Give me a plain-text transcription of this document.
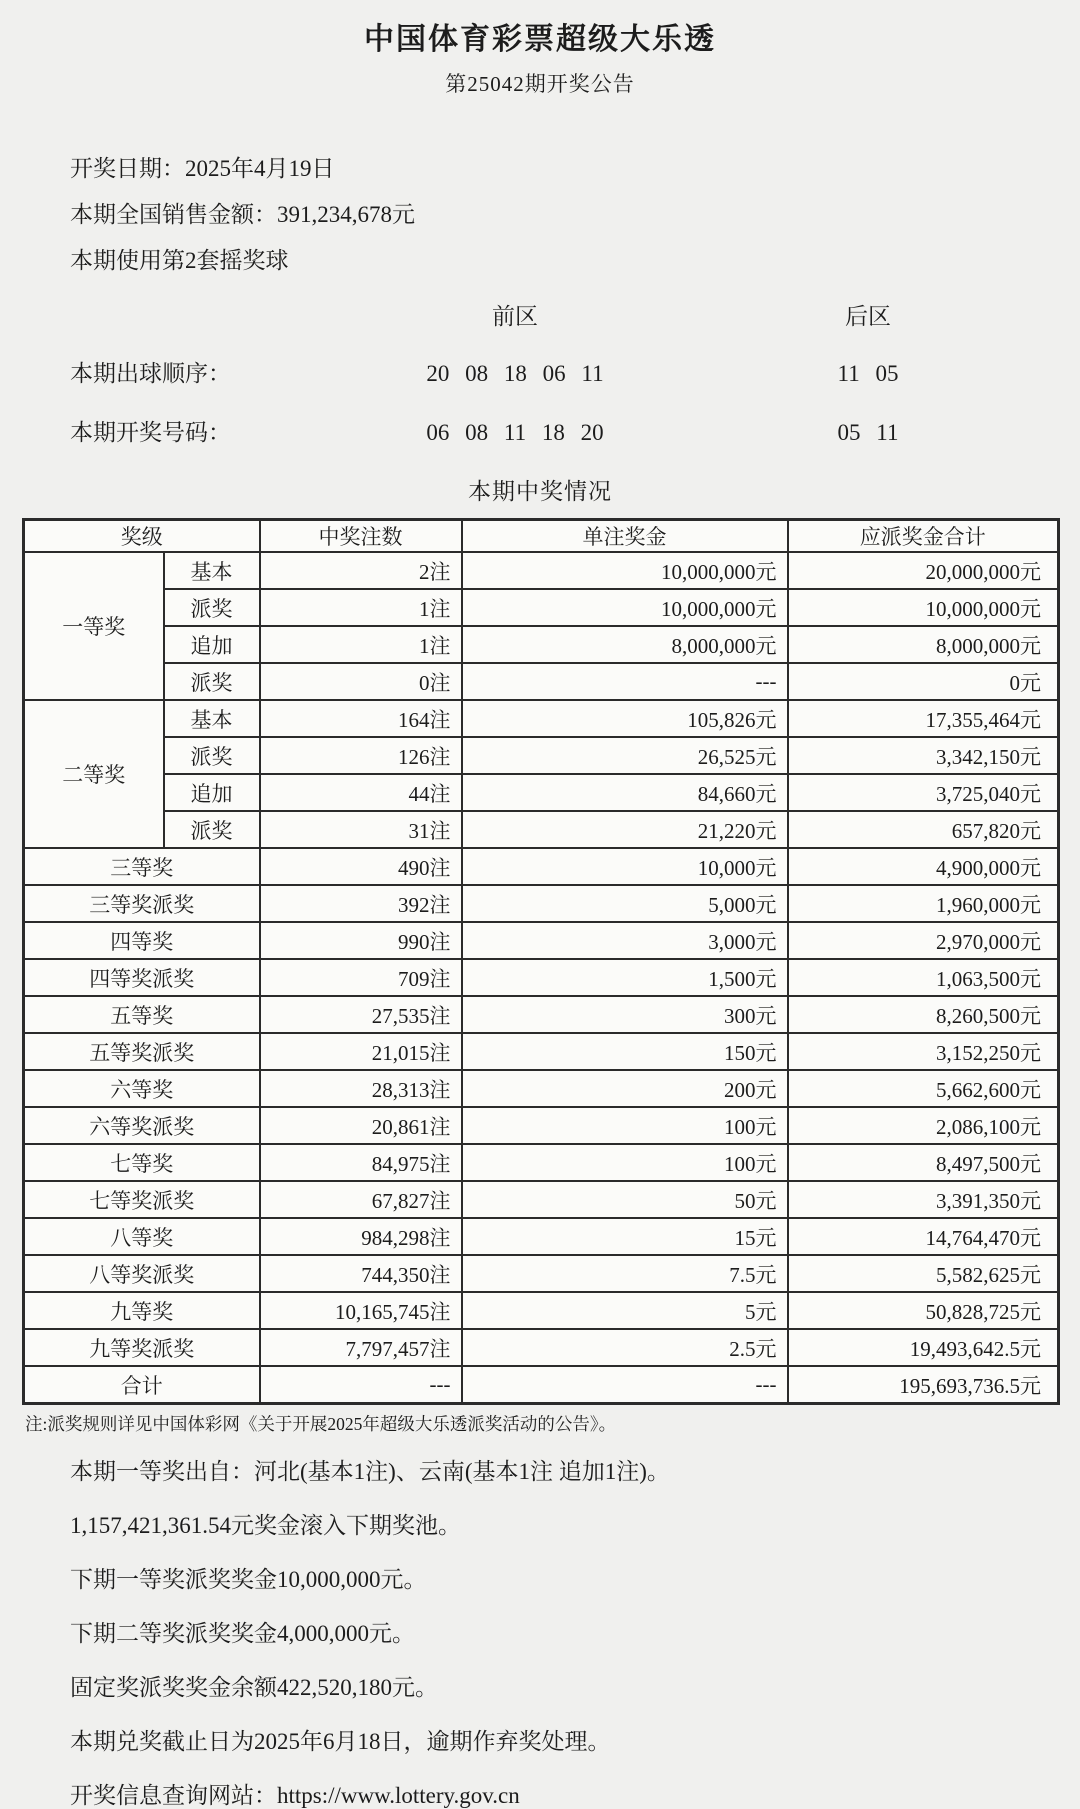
中国体育彩票超级大乐透
第25042期开奖公告
开奖日期：2025年4月19日
本期全国销售金额：391,234,678元
本期使用第2套摇奖球
前区	后区
本期出球顺序：	20 08 18 06 11	11 05
本期开奖号码：	06 08 11 18 20	05 11
本期中奖情况
奖级		中奖注数	单注奖金	应派奖金合计
一等奖	基本	2注	10,000,000元	20,000,000元
	派奖	1注	10,000,000元	10,000,000元
	追加	1注	8,000,000元	8,000,000元
	派奖	0注	---	0元
二等奖	基本	164注	105,826元	17,355,464元
	派奖	126注	26,525元	3,342,150元
	追加	44注	84,660元	3,725,040元
	派奖	31注	21,220元	657,820元
三等奖		490注	10,000元	4,900,000元
三等奖派奖		392注	5,000元	1,960,000元
四等奖		990注	3,000元	2,970,000元
四等奖派奖		709注	1,500元	1,063,500元
五等奖		27,535注	300元	8,260,500元
五等奖派奖		21,015注	150元	3,152,250元
六等奖		28,313注	200元	5,662,600元
六等奖派奖		20,861注	100元	2,086,100元
七等奖		84,975注	100元	8,497,500元
七等奖派奖		67,827注	50元	3,391,350元
八等奖		984,298注	15元	14,764,470元
八等奖派奖		744,350注	7.5元	5,582,625元
九等奖		10,165,745注	5元	50,828,725元
九等奖派奖		7,797,457注	2.5元	19,493,642.5元
合计		---	---	195,693,736.5元
注:派奖规则详见中国体彩网《关于开展2025年超级大乐透派奖活动的公告》。
本期一等奖出自：河北(基本1注)、云南(基本1注 追加1注)。
1,157,421,361.54元奖金滚入下期奖池。
下期一等奖派奖奖金10,000,000元。
下期二等奖派奖奖金4,000,000元。
固定奖派奖奖金余额422,520,180元。
本期兑奖截止日为2025年6月18日，逾期作弃奖处理。
开奖信息查询网站：https://www.lottery.gov.cn
